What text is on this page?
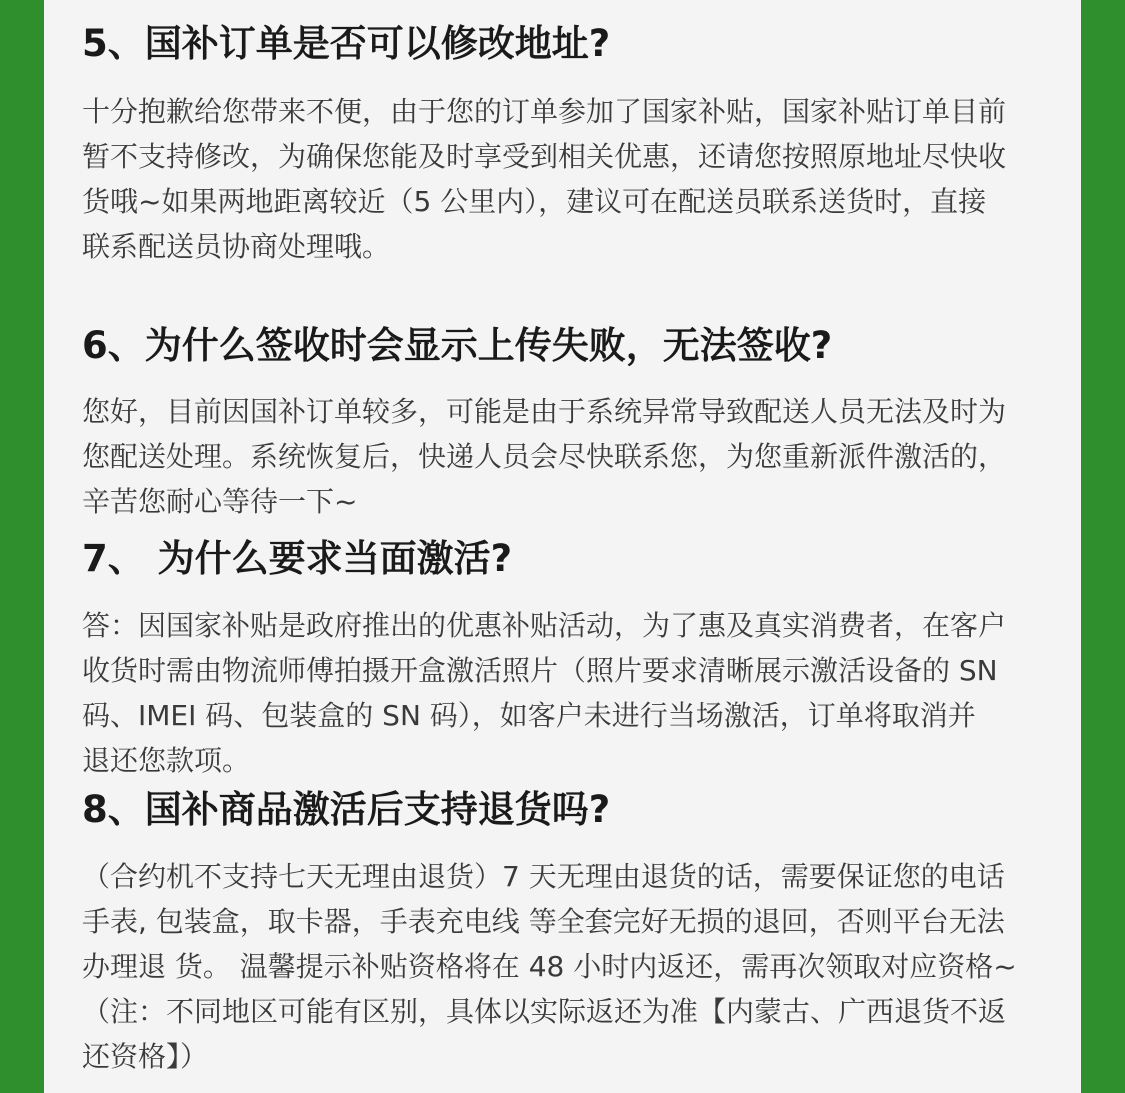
5、国补订单是否可以修改地址?
十分抱歉给您带来不便，由于您的订单参加了国家补贴，国家补贴订单目前
暂不支持修改，为确保您能及时享受到相关优惠，还请您按照原地址尽快收
货哦~如果两地距离较近（5 公里内），建议可在配送员联系送货时，直接
联系配送员协商处理哦。
6、为什么签收时会显示上传失败，无法签收?
您好，目前因国补订单较多，可能是由于系统异常导致配送人员无法及时为
您配送处理。系统恢复后，快递人员会尽快联系您，为您重新派件激活的，
辛苦您耐心等待一下~
7、 为什么要求当面激活?
答：因国家补贴是政府推出的优惠补贴活动，为了惠及真实消费者，在客户
收货时需由物流师傅拍摄开盒激活照片（照片要求清晰展示激活设备的 SN
码、IMEI 码、包装盒的 SN 码），如客户未进行当场激活，订单将取消并
退还您款项。
8、国补商品激活后支持退货吗?
（合约机不支持七天无理由退货）7 天无理由退货的话，需要保证您的电话
手表, 包装盒，取卡器，手表充电线 等全套完好无损的退回，否则平台无法
办理退 货。 温馨提示补贴资格将在 48 小时内返还，需再次领取对应资格~
（注：不同地区可能有区别，具体以实际返还为准【内蒙古、广西退货不返
还资格】）
